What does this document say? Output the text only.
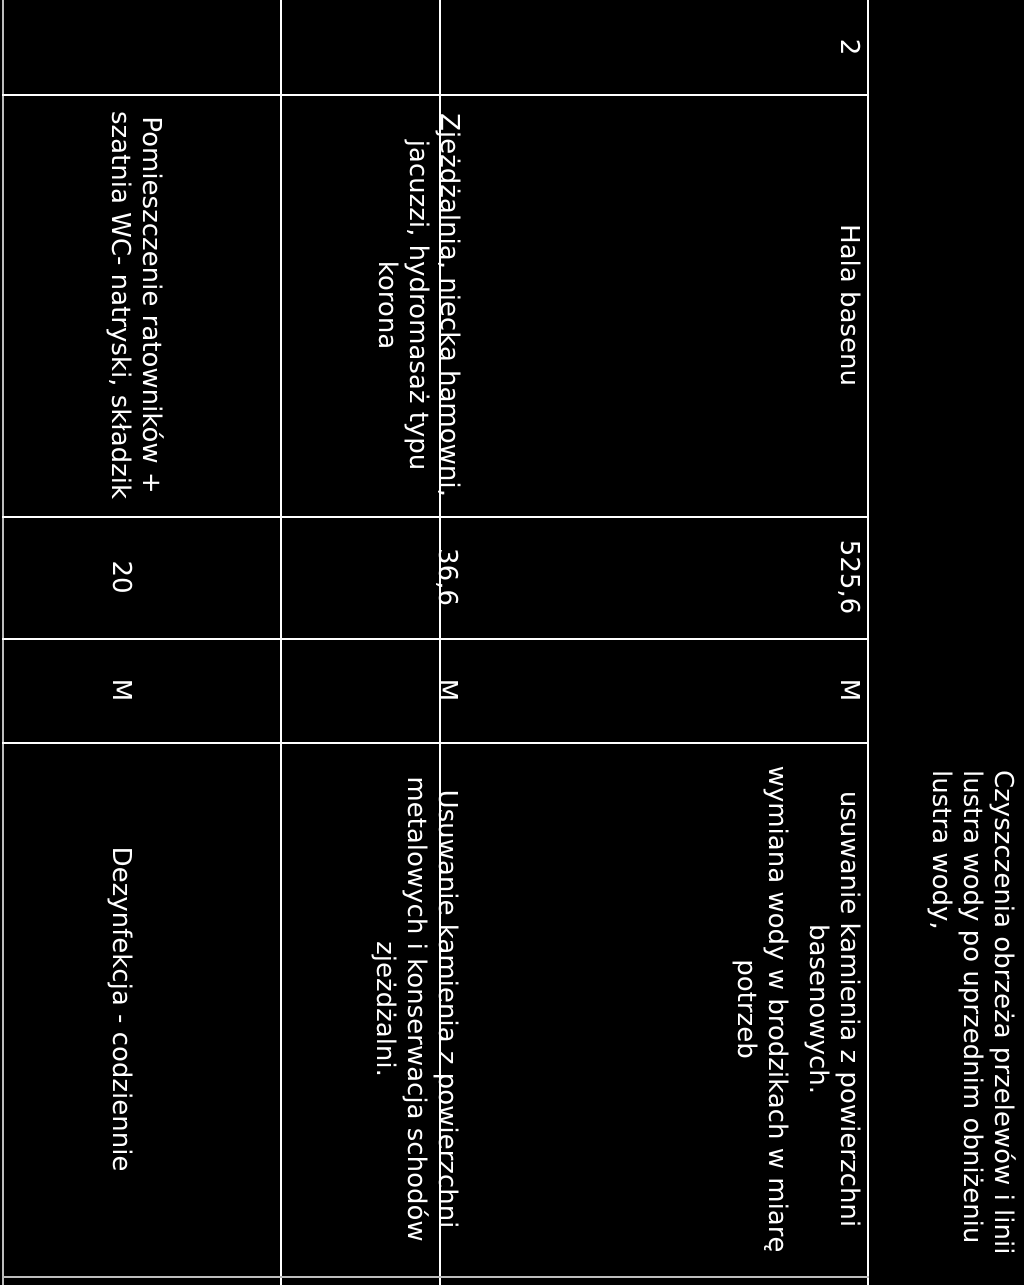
Czyszczenia obrzeża przelewów i linii
lustra wody po uprzednim obniżeniu
lustra wody,
2
Hala basenu
525,6
M
usuwanie kamienia z powierzchni
basenowych.
wymiana wody w brodzikach w miarę
potrzeb
Zjeżdżalnia, niecka hamowni,
jacuzzi, hydromasaż typu
korona
36,6
M
Usuwanie kamienia z powierzchni
metalowych i konserwacja schodów
zjeżdżalni.
Pomieszczenie ratowników +
szatnia WC- natryski, składzik
20
M
Dezynfekcja - codziennie
